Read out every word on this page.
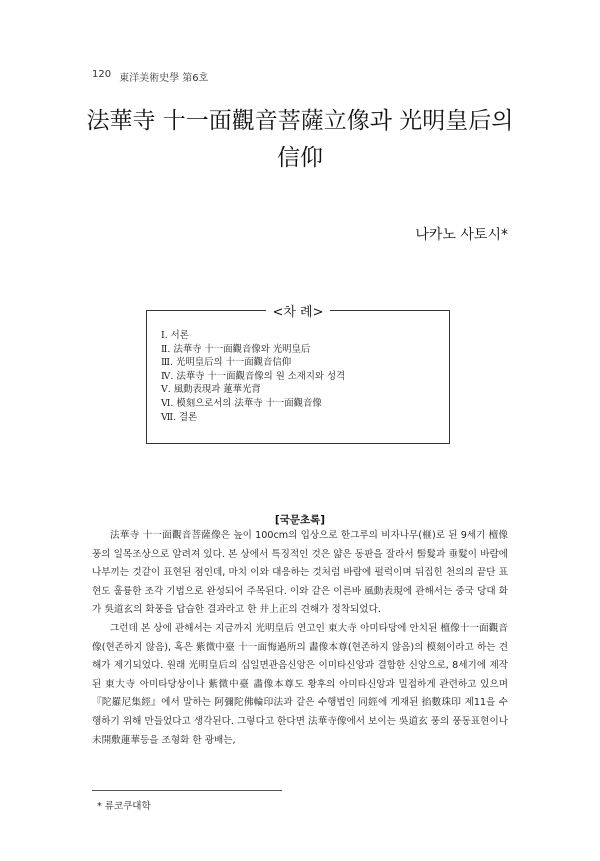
120 東洋美術史學 第6호
法華寺 十一面觀音菩薩立像과 光明皇后의
信仰
나카노 사토시*
<차 례>
Ⅰ. 서론
Ⅱ. 法華寺 十一面觀音像와 光明皇后
Ⅲ. 光明皇后의 十一面觀音信仰
Ⅳ. 法華寺 十一面觀音像의 원 소재지와 성격
Ⅴ. 風動表現과 蓮華光背
Ⅵ. 模刻으로서의 法華寺 十一面觀音像
Ⅶ. 결론
[국문초록]

法華寺 十一面觀音菩薩像은 높이 100cm의 입상으로 한그루의 비자나무(榧)로 된 9세기 檀像풍의 일목조상으로 알려져 있다. 본 상에서 특징적인 것은 얇은 동판을 잘라서 髻髮과 垂髮이 바람에 나부끼는 것같이 표현된 점인데, 마치 이와 대응하는 것처럼 바람에 펄럭이며 뒤집힌 천의의 끝단 표현도 훌륭한 조각 기법으로 완성되어 주목된다. 이와 같은 이른바 風動表現에 관해서는 중국 당대 화가 吳道玄의 화풍을 답습한 결과라고 한 井上正의 견해가 정착되었다.

그런데 본 상에 관해서는 지금까지 光明皇后 연고인 東大寺 아미타당에 안치된 檀像十一面觀音像(현존하지 않음), 혹은 紫微中臺 十一面悔過所의 畵像本尊(현존하지 않음)의 模刻이라고 하는 견해가 제기되었다. 원래 光明皇后의 십일면관음신앙은 이미타신앙과 결합한 신앙으로, 8세기에 제작된 東大寺 아미타당상이나 紫微中臺 畵像本尊도 황후의 아미타신앙과 밀접하게 관련하고 있으며 『陀羅尼集經』에서 말하는 阿彌陀佛輪印法과 같은 수행법인 同經에 게재된 掐數珠印 제11을 수행하기 위해 만들었다고 생각된다. 그렇다고 한다면 法華寺像에서 보이는 吳道玄 풍의 풍동표현이나 未開敷蓮華등을 조형화 한 광배는,

* 류코쿠대학
